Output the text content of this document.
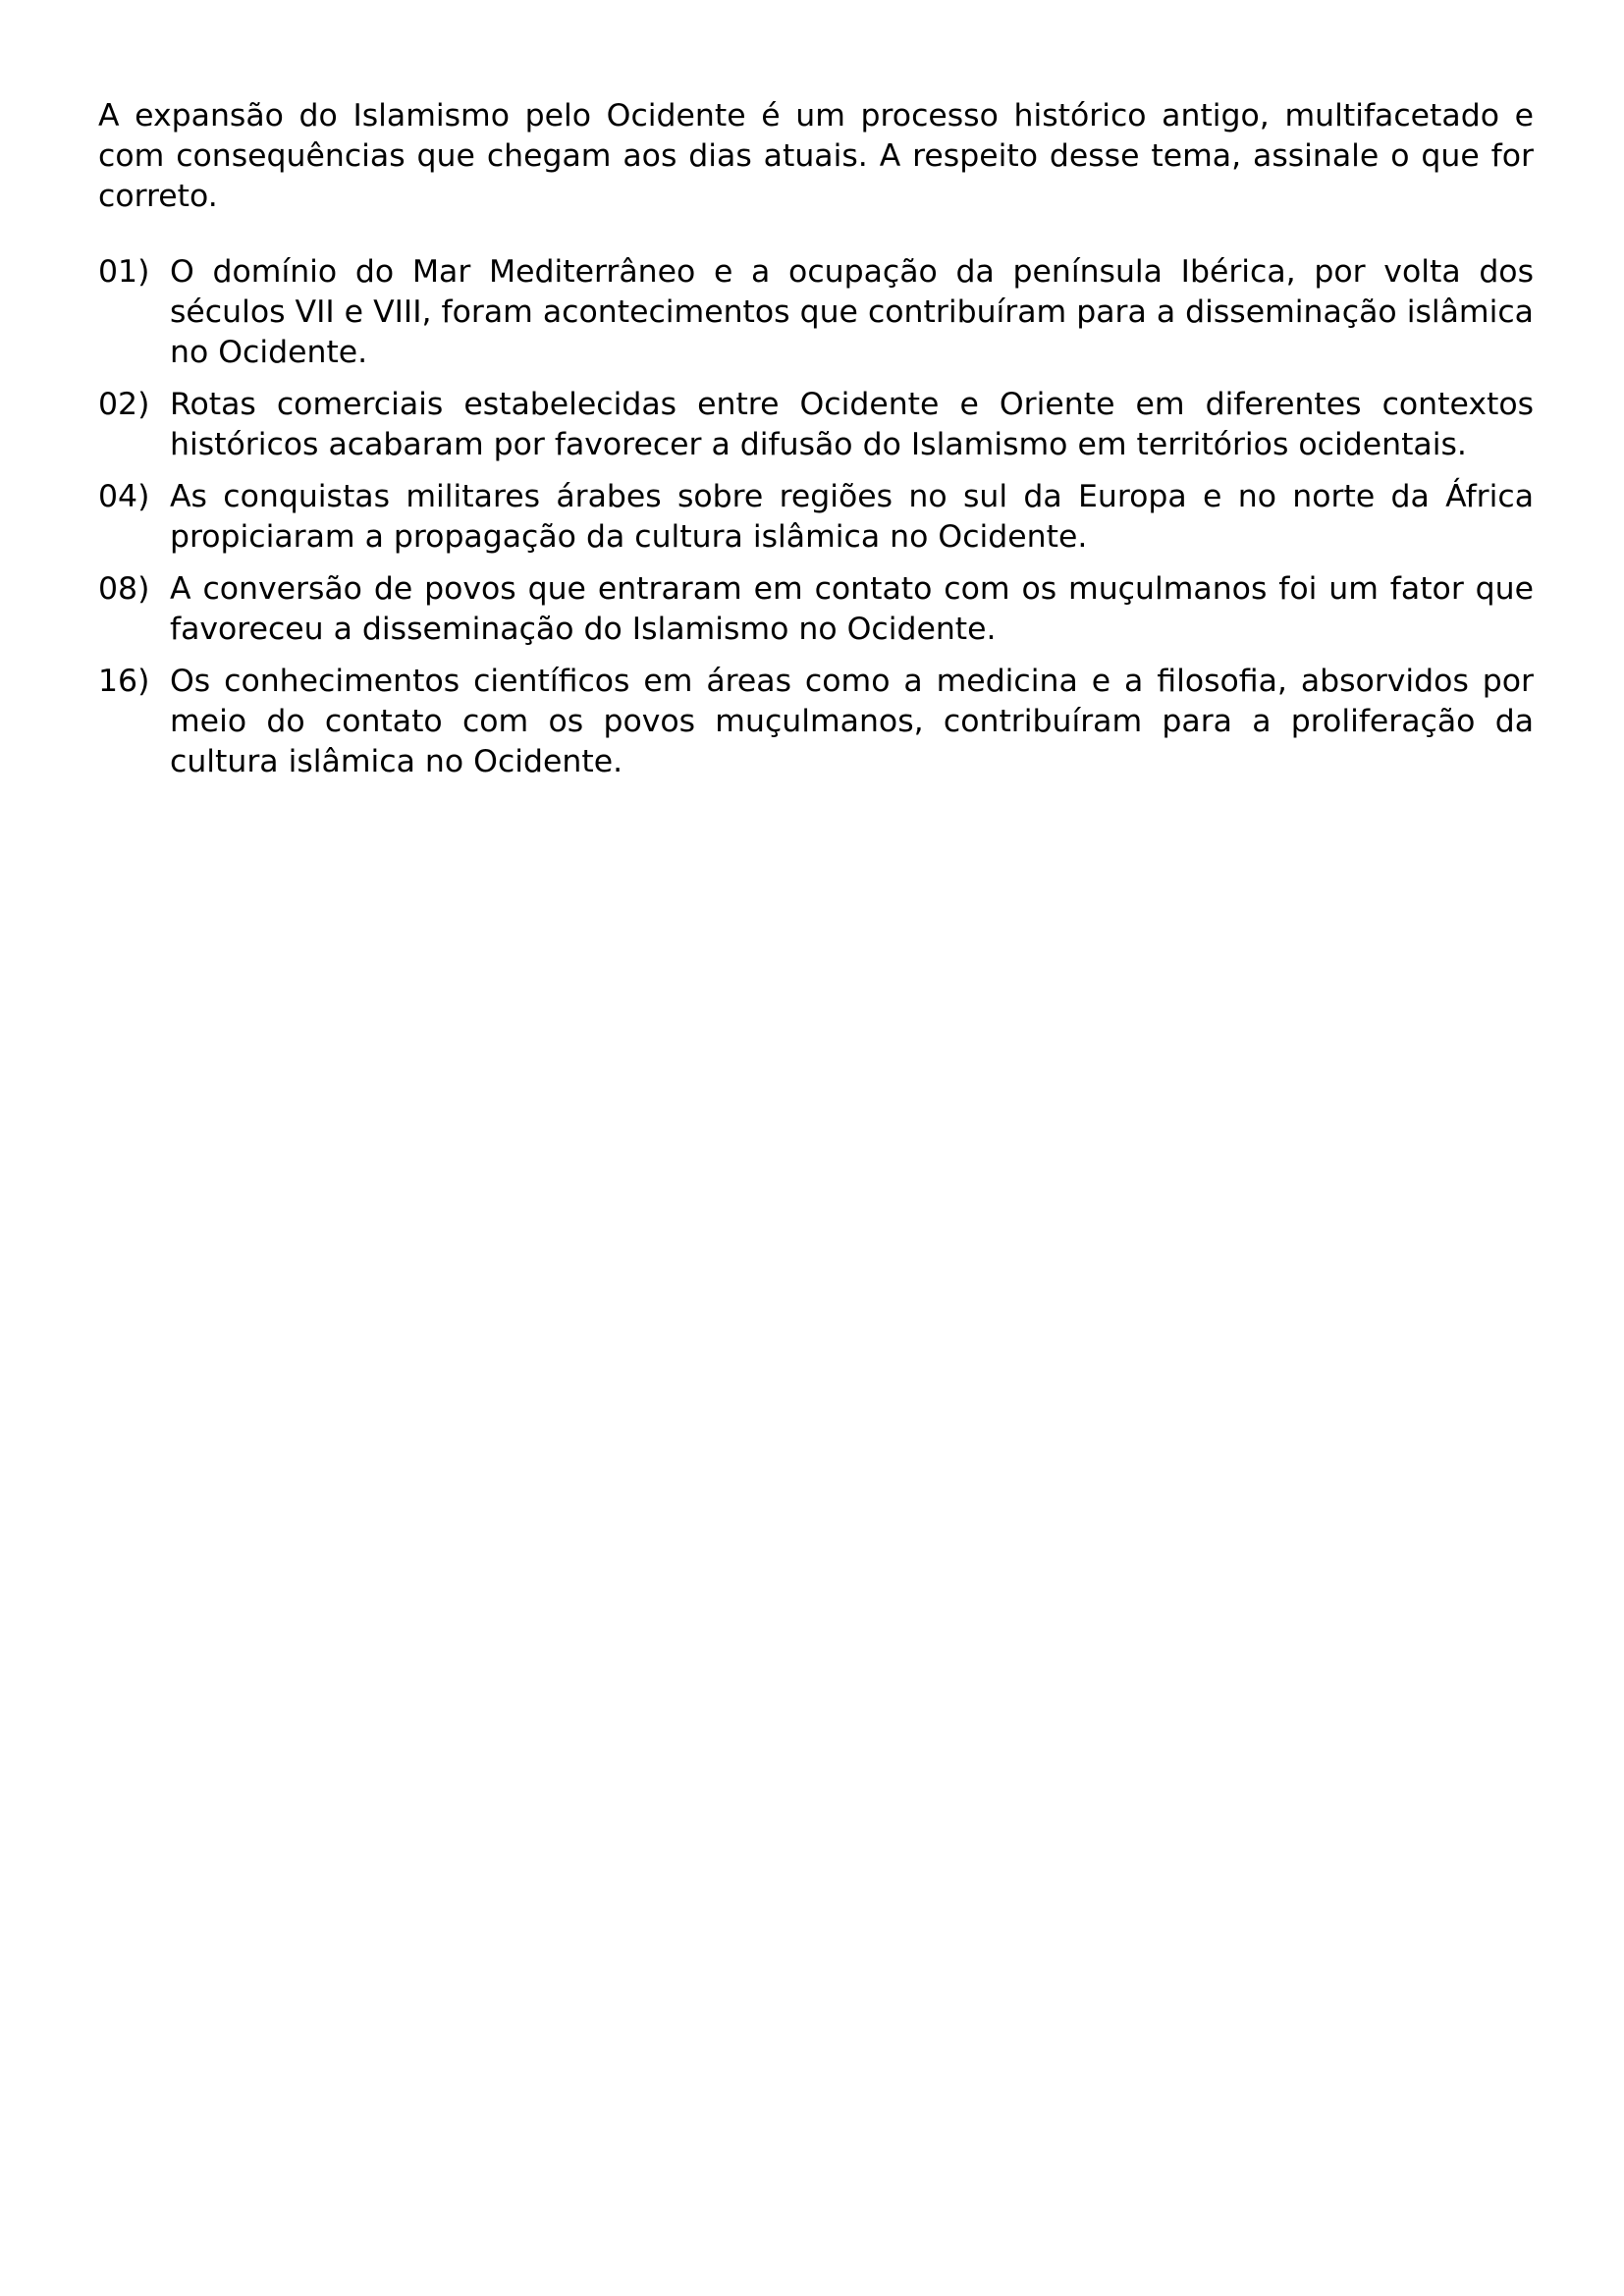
A expansão do Islamismo pelo Ocidente é um processo histórico antigo, multifacetado e com consequências que chegam aos dias atuais. A respeito desse tema, assinale o que for correto.

01) O domínio do Mar Mediterrâneo e a ocupação da península Ibérica, por volta dos séculos VII e VIII, foram acontecimentos que contribuíram para a disseminação islâmica no Ocidente.
02) Rotas comerciais estabelecidas entre Ocidente e Oriente em diferentes contextos históricos acabaram por favorecer a difusão do Islamismo em territórios ocidentais.
04) As conquistas militares árabes sobre regiões no sul da Europa e no norte da África propiciaram a propagação da cultura islâmica no Ocidente.
08) A conversão de povos que entraram em contato com os muçulmanos foi um fator que favoreceu a disseminação do Islamismo no Ocidente.
16) Os conhecimentos científicos em áreas como a medicina e a filosofia, absorvidos por meio do contato com os povos muçulmanos, contribuíram para a proliferação da cultura islâmica no Ocidente.
